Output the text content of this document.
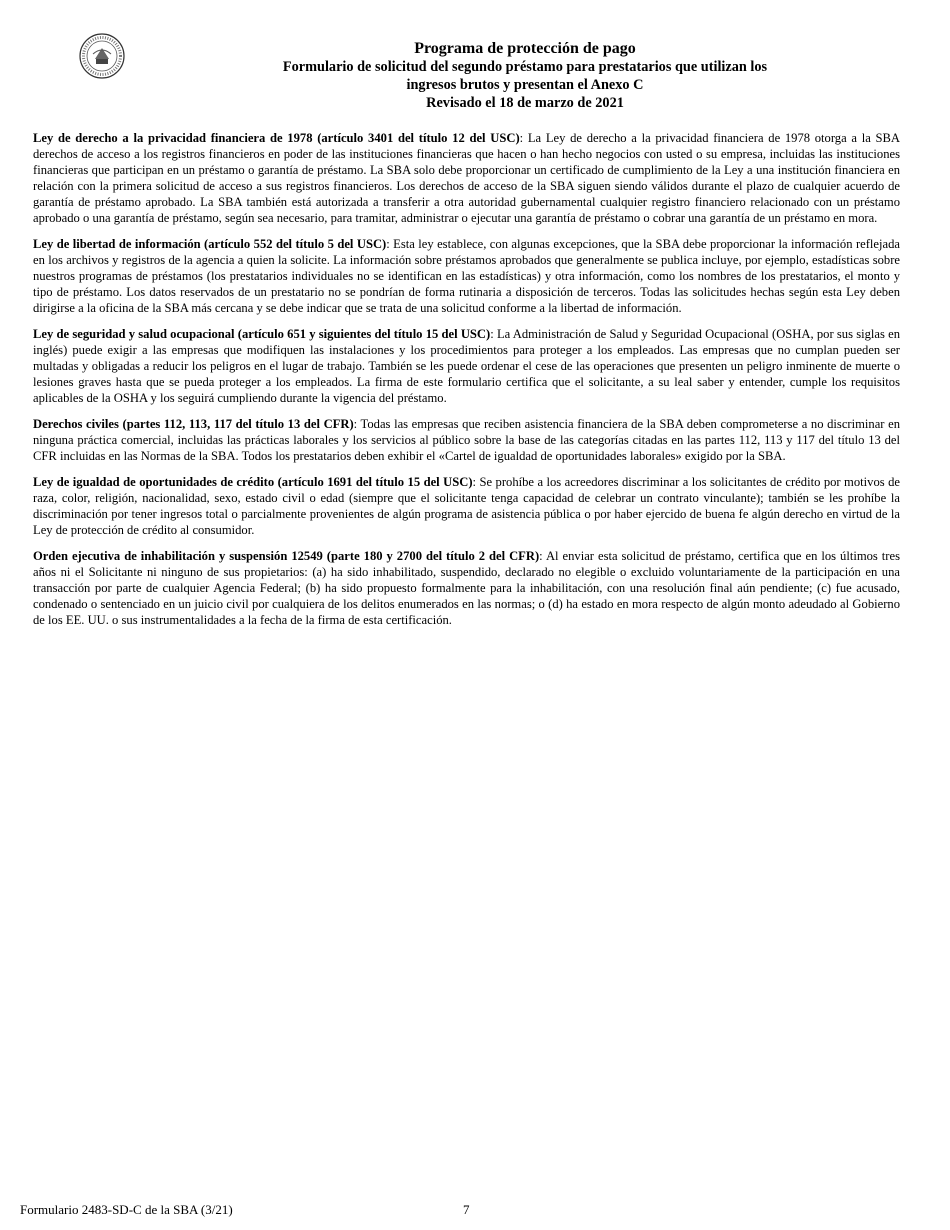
Programa de protección de pago
Formulario de solicitud del segundo préstamo para prestatarios que utilizan los
ingresos brutos y presentan el Anexo C
Revisado el 18 de marzo de 2021

Ley de derecho a la privacidad financiera de 1978 (artículo 3401 del título 12 del USC): La Ley de derecho a la privacidad financiera de 1978 otorga a la SBA derechos de acceso a los registros financieros en poder de las instituciones financieras que hacen o han hecho negocios con usted o su empresa, incluidas las instituciones financieras que participan en un préstamo o garantía de préstamo. La SBA solo debe proporcionar un certificado de cumplimiento de la Ley a una institución financiera en relación con la primera solicitud de acceso a sus registros financieros. Los derechos de acceso de la SBA siguen siendo válidos durante el plazo de cualquier acuerdo de garantía de préstamo aprobado. La SBA también está autorizada a transferir a otra autoridad gubernamental cualquier registro financiero relacionado con un préstamo aprobado o una garantía de préstamo, según sea necesario, para tramitar, administrar o ejecutar una garantía de préstamo o cobrar una garantía de un préstamo en mora.

Ley de libertad de información (artículo 552 del título 5 del USC): Esta ley establece, con algunas excepciones, que la SBA debe proporcionar la información reflejada en los archivos y registros de la agencia a quien la solicite. La información sobre préstamos aprobados que generalmente se publica incluye, por ejemplo, estadísticas sobre nuestros programas de préstamos (los prestatarios individuales no se identifican en las estadísticas) y otra información, como los nombres de los prestatarios, el monto y tipo de préstamo. Los datos reservados de un prestatario no se pondrían de forma rutinaria a disposición de terceros. Todas las solicitudes hechas según esta Ley deben dirigirse a la oficina de la SBA más cercana y se debe indicar que se trata de una solicitud conforme a la libertad de información.

Ley de seguridad y salud ocupacional (artículo 651 y siguientes del título 15 del USC): La Administración de Salud y Seguridad Ocupacional (OSHA, por sus siglas en inglés) puede exigir a las empresas que modifiquen las instalaciones y los procedimientos para proteger a los empleados. Las empresas que no cumplan pueden ser multadas y obligadas a reducir los peligros en el lugar de trabajo. También se les puede ordenar el cese de las operaciones que presenten un peligro inminente de muerte o lesiones graves hasta que se pueda proteger a los empleados. La firma de este formulario certifica que el solicitante, a su leal saber y entender, cumple los requisitos aplicables de la OSHA y los seguirá cumpliendo durante la vigencia del préstamo.

Derechos civiles (partes 112, 113, 117 del título 13 del CFR): Todas las empresas que reciben asistencia financiera de la SBA deben comprometerse a no discriminar en ninguna práctica comercial, incluidas las prácticas laborales y los servicios al público sobre la base de las categorías citadas en las partes 112, 113 y 117 del título 13 del CFR incluidas en las Normas de la SBA. Todos los prestatarios deben exhibir el «Cartel de igualdad de oportunidades laborales» exigido por la SBA.

Ley de igualdad de oportunidades de crédito (artículo 1691 del título 15 del USC): Se prohíbe a los acreedores discriminar a los solicitantes de crédito por motivos de raza, color, religión, nacionalidad, sexo, estado civil o edad (siempre que el solicitante tenga capacidad de celebrar un contrato vinculante); también se les prohíbe la discriminación por tener ingresos total o parcialmente provenientes de algún programa de asistencia pública o por haber ejercido de buena fe algún derecho en virtud de la Ley de protección de crédito al consumidor.

Orden ejecutiva de inhabilitación y suspensión 12549 (parte 180 y 2700 del título 2 del CFR): Al enviar esta solicitud de préstamo, certifica que en los últimos tres años ni el Solicitante ni ninguno de sus propietarios: (a) ha sido inhabilitado, suspendido, declarado no elegible o excluido voluntariamente de la participación en una transacción por parte de cualquier Agencia Federal; (b) ha sido propuesto formalmente para la inhabilitación, con una resolución final aún pendiente; (c) fue acusado, condenado o sentenciado en un juicio civil por cualquiera de los delitos enumerados en las normas; o (d) ha estado en mora respecto de algún monto adeudado al Gobierno de los EE. UU. o sus instrumentalidades a la fecha de la firma de esta certificación.

Formulario 2483-SD-C de la SBA (3/21)	7
